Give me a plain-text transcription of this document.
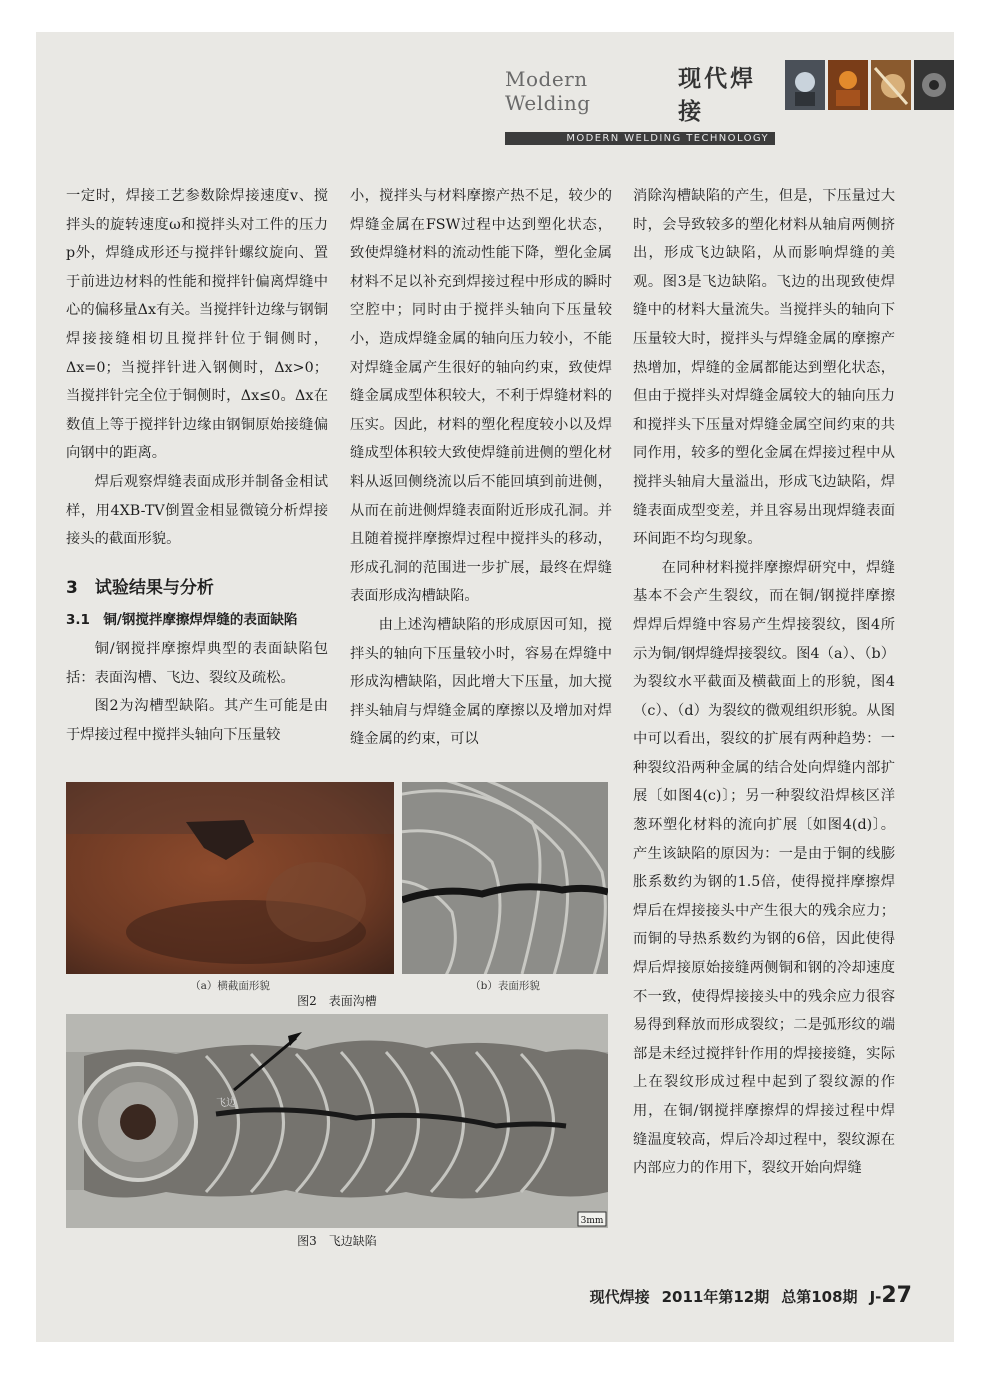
Modern Welding
现代焊接
MODERN WELDING TECHNOLOGY

一定时，焊接工艺参数除焊接速度v、搅拌头的旋转速度ω和搅拌头对工件的压力p外，焊缝成形还与搅拌针螺纹旋向、置于前进边材料的性能和搅拌针偏离焊缝中心的偏移量Δx有关。当搅拌针边缘与钢铜焊接接缝相切且搅拌针位于铜侧时，Δx=0；当搅拌针进入钢侧时，Δx>0；当搅拌针完全位于铜侧时，Δx≤0。Δx在数值上等于搅拌针边缘由钢铜原始接缝偏向钢中的距离。

焊后观察焊缝表面成形并制备金相试样，用4XB-TV倒置金相显微镜分析焊接接头的截面形貌。

3　试验结果与分析
3.1　铜/钢搅拌摩擦焊焊缝的表面缺陷

铜/钢搅拌摩擦焊典型的表面缺陷包括：表面沟槽、飞边、裂纹及疏松。

图2为沟槽型缺陷。其产生可能是由于焊接过程中搅拌头轴向下压量较

小，搅拌头与材料摩擦产热不足，较少的焊缝金属在FSW过程中达到塑化状态，致使焊缝材料的流动性能下降，塑化金属材料不足以补充到焊接过程中形成的瞬时空腔中；同时由于搅拌头轴向下压量较小，造成焊缝金属的轴向压力较小，不能对焊缝金属产生很好的轴向约束，致使焊缝金属成型体积较大，不利于焊缝材料的压实。因此，材料的塑化程度较小以及焊缝成型体积较大致使焊缝前进侧的塑化材料从返回侧绕流以后不能回填到前进侧，从而在前进侧焊缝表面附近形成孔洞。并且随着搅拌摩擦焊过程中搅拌头的移动，形成孔洞的范围进一步扩展，最终在焊缝表面形成沟槽缺陷。

由上述沟槽缺陷的形成原因可知，搅拌头的轴向下压量较小时，容易在焊缝中形成沟槽缺陷，因此增大下压量，加大搅拌头轴肩与焊缝金属的摩擦以及增加对焊缝金属的约束，可以

消除沟槽缺陷的产生，但是，下压量过大时，会导致较多的塑化材料从轴肩两侧挤出，形成飞边缺陷，从而影响焊缝的美观。图3是飞边缺陷。飞边的出现致使焊缝中的材料大量流失。当搅拌头的轴向下压量较大时，搅拌头与焊缝金属的摩擦产热增加，焊缝的金属都能达到塑化状态，但由于搅拌头对焊缝金属较大的轴向压力和搅拌头下压量对焊缝金属空间约束的共同作用，较多的塑化金属在焊接过程中从搅拌头轴肩大量溢出，形成飞边缺陷，焊缝表面成型变差，并且容易出现焊缝表面环间距不均匀现象。

在同种材料搅拌摩擦焊研究中，焊缝基本不会产生裂纹，而在铜/钢搅拌摩擦焊焊后焊缝中容易产生焊接裂纹，图4所示为铜/钢焊缝焊接裂纹。图4（a）、（b）为裂纹水平截面及横截面上的形貌，图4（c）、（d）为裂纹的微观组织形貌。从图中可以看出，裂纹的扩展有两种趋势：一种裂纹沿两种金属的结合处向焊缝内部扩展〔如图4(c)〕；另一种裂纹沿焊核区洋葱环塑化材料的流向扩展〔如图4(d)〕。产生该缺陷的原因为：一是由于铜的线膨胀系数约为钢的1.5倍，使得搅拌摩擦焊焊后在焊接接头中产生很大的残余应力；而铜的导热系数约为钢的6倍，因此使得焊后焊接原始接缝两侧铜和钢的冷却速度不一致，使得焊接接头中的残余应力很容易得到释放而形成裂纹；二是弧形纹的端部是未经过搅拌针作用的焊接接缝，实际上在裂纹形成过程中起到了裂纹源的作用，在铜/钢搅拌摩擦焊的焊接过程中焊缝温度较高，焊后冷却过程中，裂纹源在内部应力的作用下，裂纹开始向焊缝

（a）横截面形貌	（b）表面形貌
图2　表面沟槽
飞边
3mm
图3　飞边缺陷
现代焊接 2011年第12期 总第108期 J-27
